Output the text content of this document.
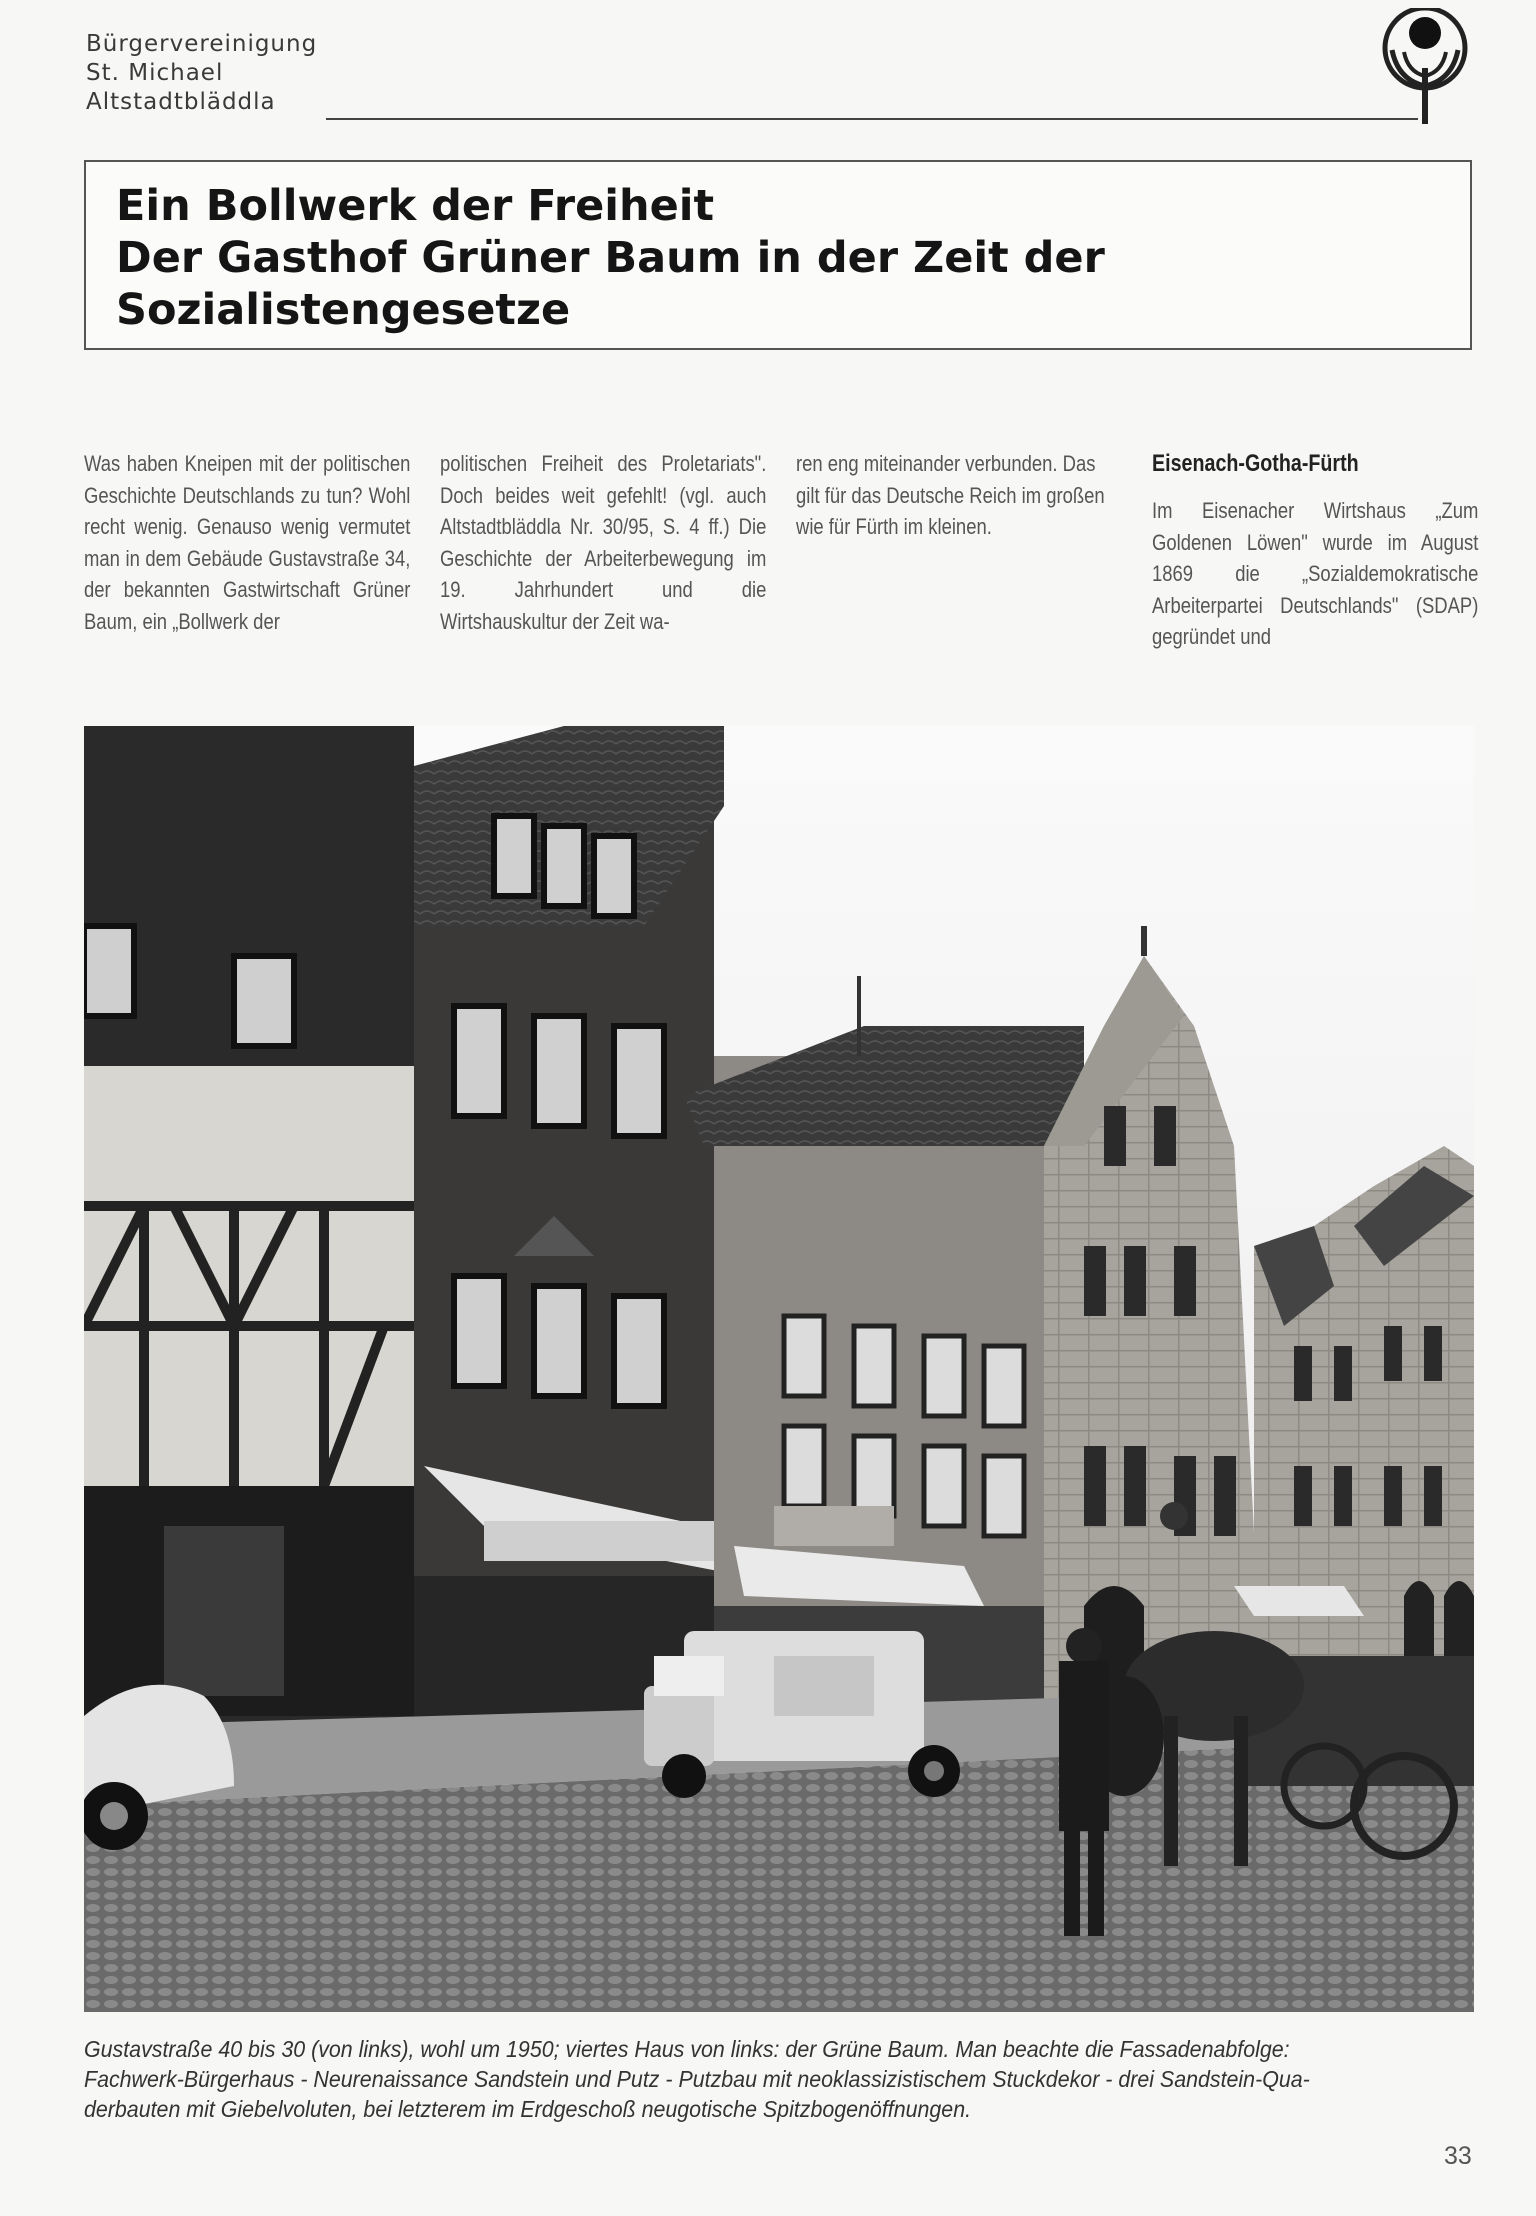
Bürgervereinigung
St. Michael
Altstadtbläddla
Ein Bollwerk der Freiheit
Der Gasthof Grüner Baum in der Zeit der
Sozialistengesetze

Was haben Kneipen mit der politischen Geschichte Deutschlands zu tun? Wohl recht wenig. Genauso wenig vermutet man in dem Gebäude Gustavstraße 34, der bekannten Gastwirtschaft Grüner Baum, ein „Bollwerk der

politischen Freiheit des Proletariats". Doch beides weit gefehlt! (vgl. auch Altstadtbläddla Nr. 30/95, S. 4 ff.) Die Geschichte der Arbeiterbewegung im 19. Jahrhundert und die Wirtshauskultur der Zeit wa-

ren eng miteinander verbunden. Das gilt für das Deutsche Reich im großen wie für Fürth im kleinen.

Eisenach-Gotha-Fürth

Im Eisenacher Wirtshaus „Zum Goldenen Löwen" wurde im August 1869 die „Sozialdemokratische Arbeiterpartei Deutschlands" (SDAP) gegründet und

Gustavstraße 40 bis 30 (von links), wohl um 1950; viertes Haus von links: der Grüne Baum. Man beachte die Fassadenabfolge:
Fachwerk-Bürgerhaus - Neurenaissance Sandstein und Putz - Putzbau mit neoklassizistischem Stuckdekor - drei Sandstein-Qua-
derbauten mit Giebelvoluten, bei letzterem im Erdgeschoß neugotische Spitzbogenöffnungen.
33
